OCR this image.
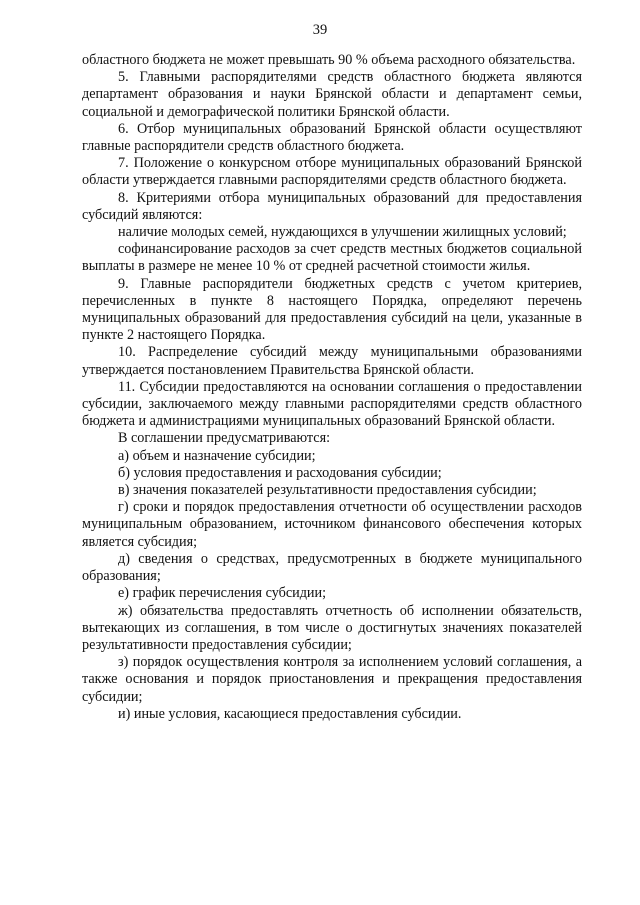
39

областного бюджета не может превышать 90 % объема расходного обязательства.

5. Главными распорядителями средств областного бюджета являются департамент образования и науки Брянской области и департамент семьи, социальной и демографической политики Брянской области.

6. Отбор муниципальных образований Брянской области осуществляют главные распорядители средств областного бюджета.

7. Положение о конкурсном отборе муниципальных образований Брянской области утверждается главными распорядителями средств областного бюджета.

8. Критериями отбора муниципальных образований для предоставления субсидий являются:

наличие молодых семей, нуждающихся в улучшении жилищных условий;

софинансирование расходов за счет средств местных бюджетов социальной выплаты в размере не менее 10 % от средней расчетной стоимости жилья.

9. Главные распорядители бюджетных средств с учетом критериев, перечисленных в пункте 8 настоящего Порядка, определяют перечень муниципальных образований для предоставления субсидий на цели, указанные в пункте 2 настоящего Порядка.

10. Распределение субсидий между муниципальными образованиями утверждается постановлением Правительства Брянской области.

11. Субсидии предоставляются на основании соглашения о предоставлении субсидии, заключаемого между главными распорядителями средств областного бюджета и администрациями муниципальных образований Брянской области.

В соглашении предусматриваются:

а) объем и назначение субсидии;

б) условия предоставления и расходования субсидии;

в) значения показателей результативности предоставления субсидии;

г) сроки и порядок предоставления отчетности об осуществлении расходов муниципальным образованием, источником финансового обеспечения которых является субсидия;

д) сведения о средствах, предусмотренных в бюджете муниципального образования;

е) график перечисления субсидии;

ж) обязательства предоставлять отчетность об исполнении обязательств, вытекающих из соглашения, в том числе о достигнутых значениях показателей результативности предоставления субсидии;

з) порядок осуществления контроля за исполнением условий соглашения, а также основания и порядок приостановления и прекращения предоставления субсидии;

и) иные условия, касающиеся предоставления субсидии.
